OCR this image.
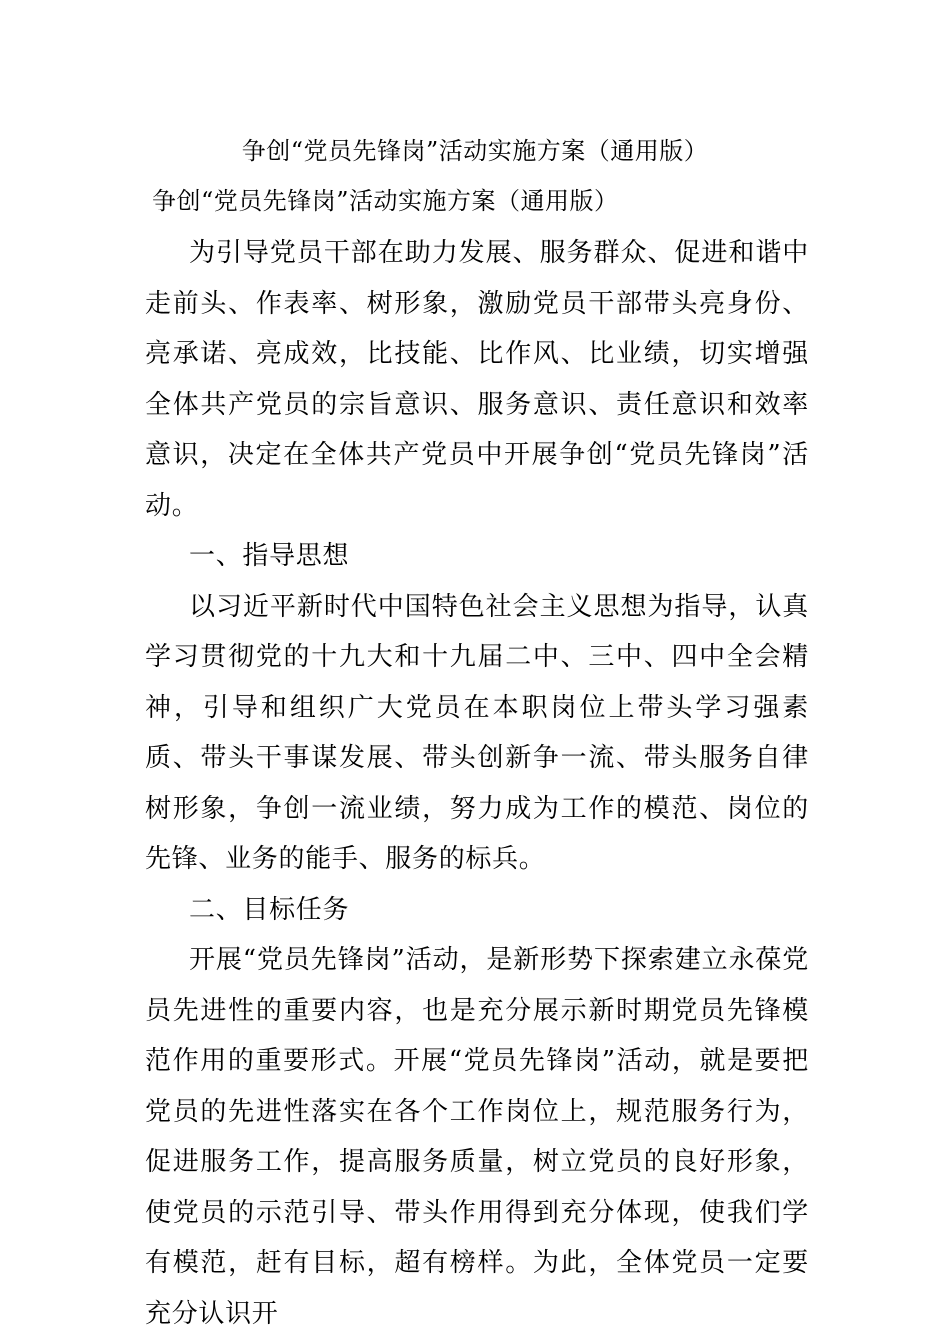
争创“党员先锋岗”活动实施方案（通用版）
争创“党员先锋岗”活动实施方案（通用版）

为引导党员干部在助力发展、服务群众、促进和谐中走前头、作表率、树形象，激励党员干部带头亮身份、亮承诺、亮成效，比技能、比作风、比业绩，切实增强全体共产党员的宗旨意识、服务意识、责任意识和效率意识，决定在全体共产党员中开展争创“党员先锋岗”活动。

一、指导思想

以习近平新时代中国特色社会主义思想为指导，认真学习贯彻党的十九大和十九届二中、三中、四中全会精神，引导和组织广大党员在本职岗位上带头学习强素质、带头干事谋发展、带头创新争一流、带头服务自律树形象，争创一流业绩，努力成为工作的模范、岗位的先锋、业务的能手、服务的标兵。

二、目标任务

开展“党员先锋岗”活动，是新形势下探索建立永葆党员先进性的重要内容，也是充分展示新时期党员先锋模范作用的重要形式。开展“党员先锋岗”活动，就是要把党员的先进性落实在各个工作岗位上，规范服务行为，促进服务工作，提高服务质量，树立党员的良好形象，使党员的示范引导、带头作用得到充分体现，使我们学有模范，赶有目标，超有榜样。为此，全体党员一定要充分认识开
